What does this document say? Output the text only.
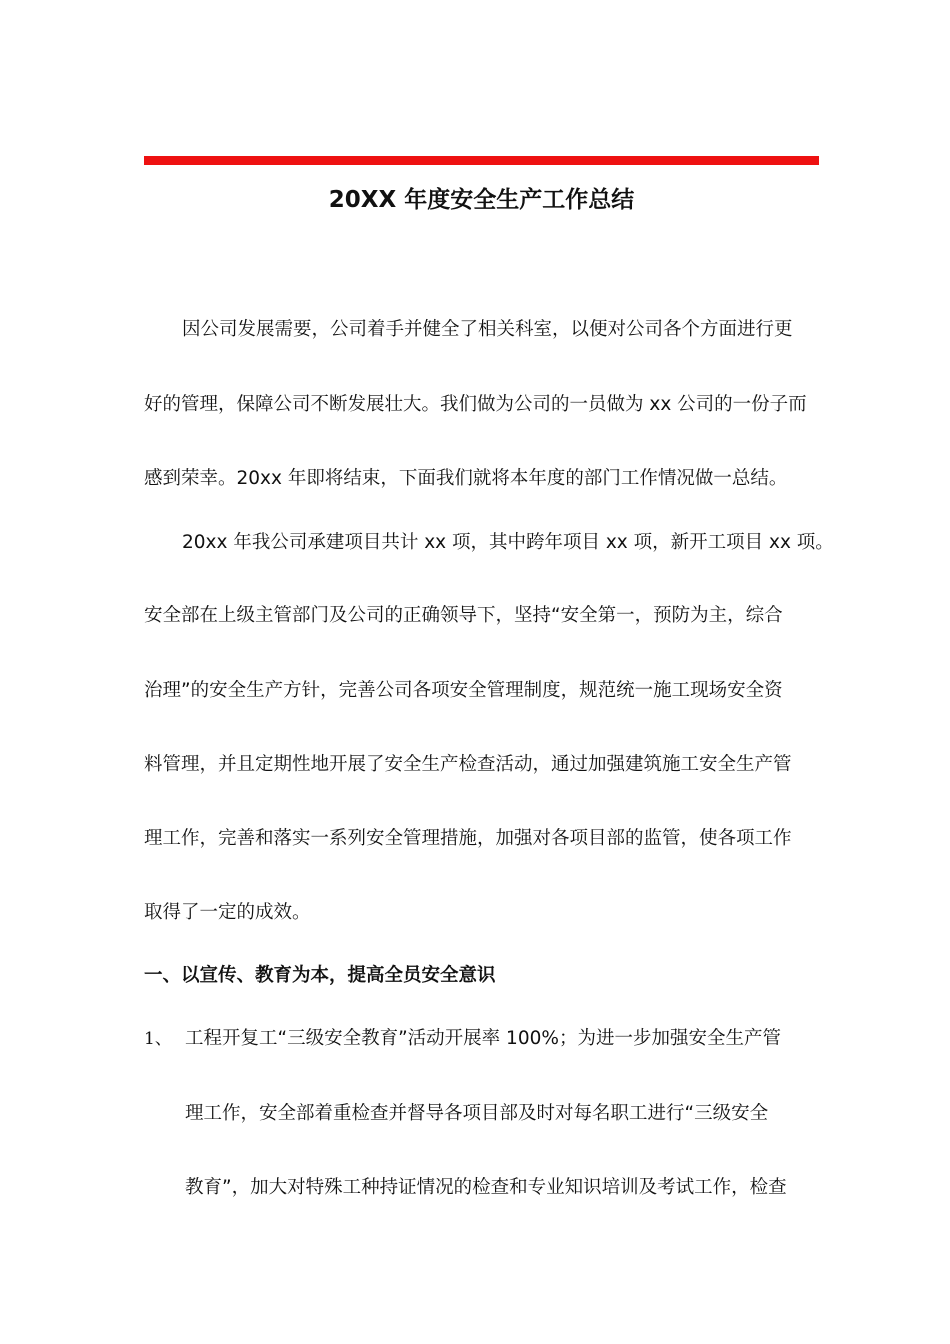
20XX 年度安全生产工作总结
因公司发展需要，公司着手并健全了相关科室，以便对公司各个方面进行更
好的管理，保障公司不断发展壮大。我们做为公司的一员做为 xx 公司的一份子而
感到荣幸。20xx 年即将结束，下面我们就将本年度的部门工作情况做一总结。
20xx 年我公司承建项目共计 xx 项，其中跨年项目 xx 项，新开工项目 xx 项。
安全部在上级主管部门及公司的正确领导下，坚持“安全第一，预防为主，综合
治理”的安全生产方针，完善公司各项安全管理制度，规范统一施工现场安全资
料管理，并且定期性地开展了安全生产检查活动，通过加强建筑施工安全生产管
理工作，完善和落实一系列安全管理措施，加强对各项目部的监管，使各项工作
取得了一定的成效。
一、以宣传、教育为本，提高全员安全意识
1、 工程开复工“三级安全教育”活动开展率 100%；为进一步加强安全生产管
理工作，安全部着重检查并督导各项目部及时对每名职工进行“三级安全
教育”，加大对特殊工种持证情况的检查和专业知识培训及考试工作，检查
